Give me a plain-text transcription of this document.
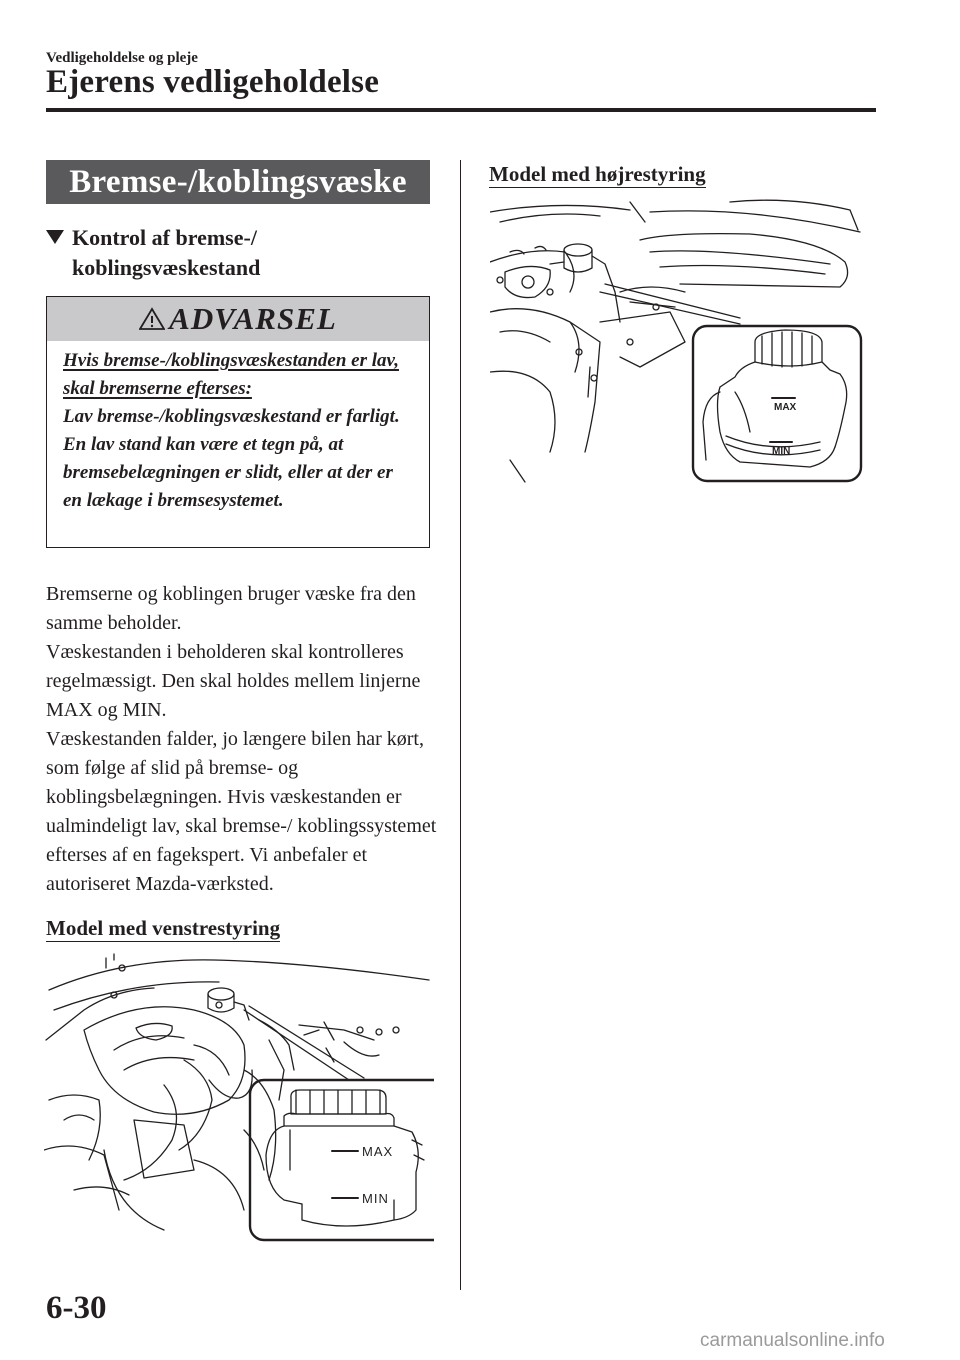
Vedligeholdelse og pleje
Ejerens vedligeholdelse
Bremse-/koblingsvæske
Kontrol af bremse-/ koblingsvæskestand
ADVARSEL

Hvis bremse-/koblingsvæskestanden er lav, skal bremserne efterses:

Lav bremse-/koblingsvæskestand er farligt.

En lav stand kan være et tegn på, at bremsebelægningen er slidt, eller at der er en lækage i bremsesystemet.

Bremserne og koblingen bruger væske fra den samme beholder.

Væskestanden i beholderen skal kontrolleres regelmæssigt. Den skal holdes mellem linjerne MAX og MIN.

Væskestanden falder, jo længere bilen har kørt, som følge af slid på bremse- og koblingsbelægningen. Hvis væskestanden er ualmindeligt lav, skal bremse-/ koblingssystemet efterses af en fagekspert. Vi anbefaler et autoriseret Mazda-værksted.

Model med venstrestyring
MAX
MIN
Model med højrestyring
MAX
MIN
6-30
carmanualsonline.info
